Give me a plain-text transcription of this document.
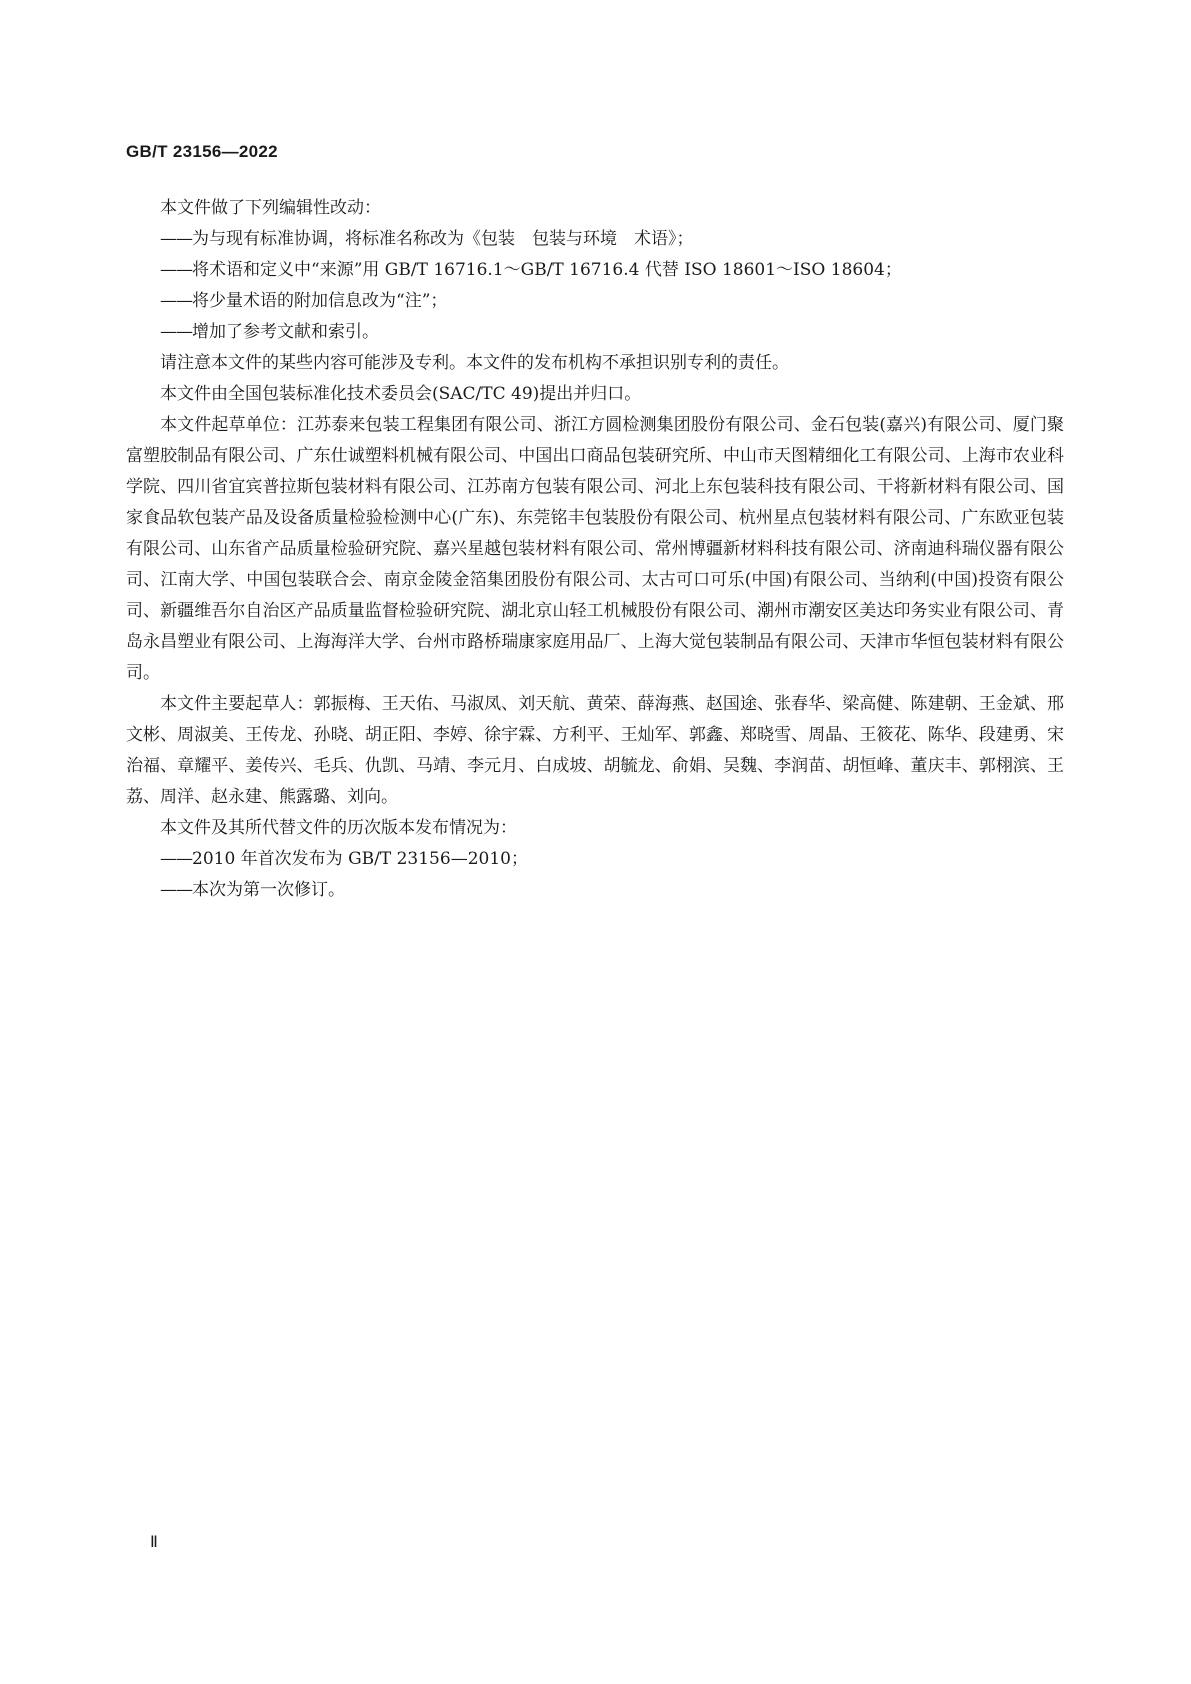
GB/T 23156—2022

本文件做了下列编辑性改动：

——为与现有标准协调，将标准名称改为《包装　包装与环境　术语》；

——将术语和定义中“来源”用 GB/T 16716.1～GB/T 16716.4 代替 ISO 18601～ISO 18604；

——将少量术语的附加信息改为“注”；

——增加了参考文献和索引。

请注意本文件的某些内容可能涉及专利。本文件的发布机构不承担识别专利的责任。

本文件由全国包装标准化技术委员会(SAC/TC 49)提出并归口。

本文件起草单位：江苏泰来包装工程集团有限公司、浙江方圆检测集团股份有限公司、金石包装(嘉兴)有限公司、厦门聚富塑胶制品有限公司、广东仕诚塑料机械有限公司、中国出口商品包装研究所、中山市天图精细化工有限公司、上海市农业科学院、四川省宜宾普拉斯包装材料有限公司、江苏南方包装有限公司、河北上东包装科技有限公司、干将新材料有限公司、国家食品软包装产品及设备质量检验检测中心(广东)、东莞铭丰包装股份有限公司、杭州星点包装材料有限公司、广东欧亚包装有限公司、山东省产品质量检验研究院、嘉兴星越包装材料有限公司、常州博疆新材料科技有限公司、济南迪科瑞仪器有限公司、江南大学、中国包装联合会、南京金陵金箔集团股份有限公司、太古可口可乐(中国)有限公司、当纳利(中国)投资有限公司、新疆维吾尔自治区产品质量监督检验研究院、湖北京山轻工机械股份有限公司、潮州市潮安区美达印务实业有限公司、青岛永昌塑业有限公司、上海海洋大学、台州市路桥瑞康家庭用品厂、上海大觉包装制品有限公司、天津市华恒包装材料有限公司。

本文件主要起草人：郭振梅、王天佑、马淑凤、刘天航、黄荣、薛海燕、赵国途、张春华、梁高健、陈建朝、王金斌、邢文彬、周淑美、王传龙、孙晓、胡正阳、李婷、徐宇霖、方利平、王灿军、郭鑫、郑晓雪、周晶、王筱花、陈华、段建勇、宋治福、章耀平、姜传兴、毛兵、仇凯、马靖、李元月、白成坡、胡毓龙、俞娟、吴魏、李润苗、胡恒峰、董庆丰、郭栩滨、王荔、周洋、赵永建、熊露璐、刘向。

本文件及其所代替文件的历次版本发布情况为：

——2010 年首次发布为 GB/T 23156—2010；

——本次为第一次修订。

Ⅱ
